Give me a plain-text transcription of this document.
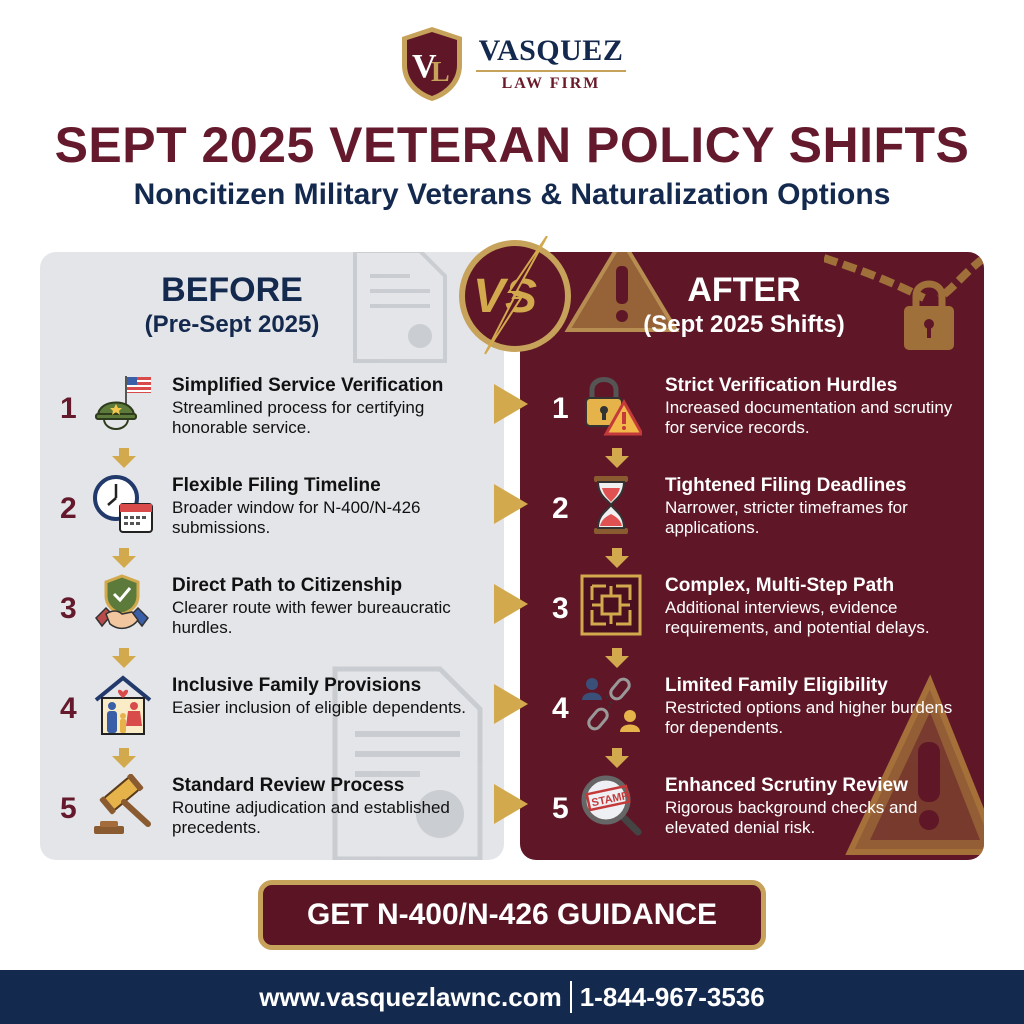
V
L
VASQUEZ
LAW FIRM
SEPT 2025 VETERAN POLICY SHIFTS
Noncitizen Military Veterans & Naturalization Options
BEFORE
(Pre-Sept 2025)
1
Simplified Service Verification
Streamlined process for certifying honorable service.
2
Flexible Filing Timeline
Broader window for N-400/N-426 submissions.
3
Direct Path to Citizenship
Clearer route with fewer bureaucratic hurdles.
4
Inclusive Family Provisions
Easier inclusion of eligible dependents.
5
Standard Review Process
Routine adjudication and established precedents.
AFTER
(Sept 2025 Shifts)
1
Strict Verification Hurdles
Increased documentation and scrutiny for service records.
2
Tightened Filing Deadlines
Narrower, stricter timeframes for applications.
3
Complex, Multi-Step Path
Additional interviews, evidence requirements, and potential delays.
4
Limited Family Eligibility
Restricted options and higher burdens for dependents.
5 STAMP
Enhanced Scrutiny Review
Rigorous background checks and elevated denial risk.
VS
GET N-400/N-426 GUIDANCE
www.vasquezlawnc.com 1-844-967-3536
